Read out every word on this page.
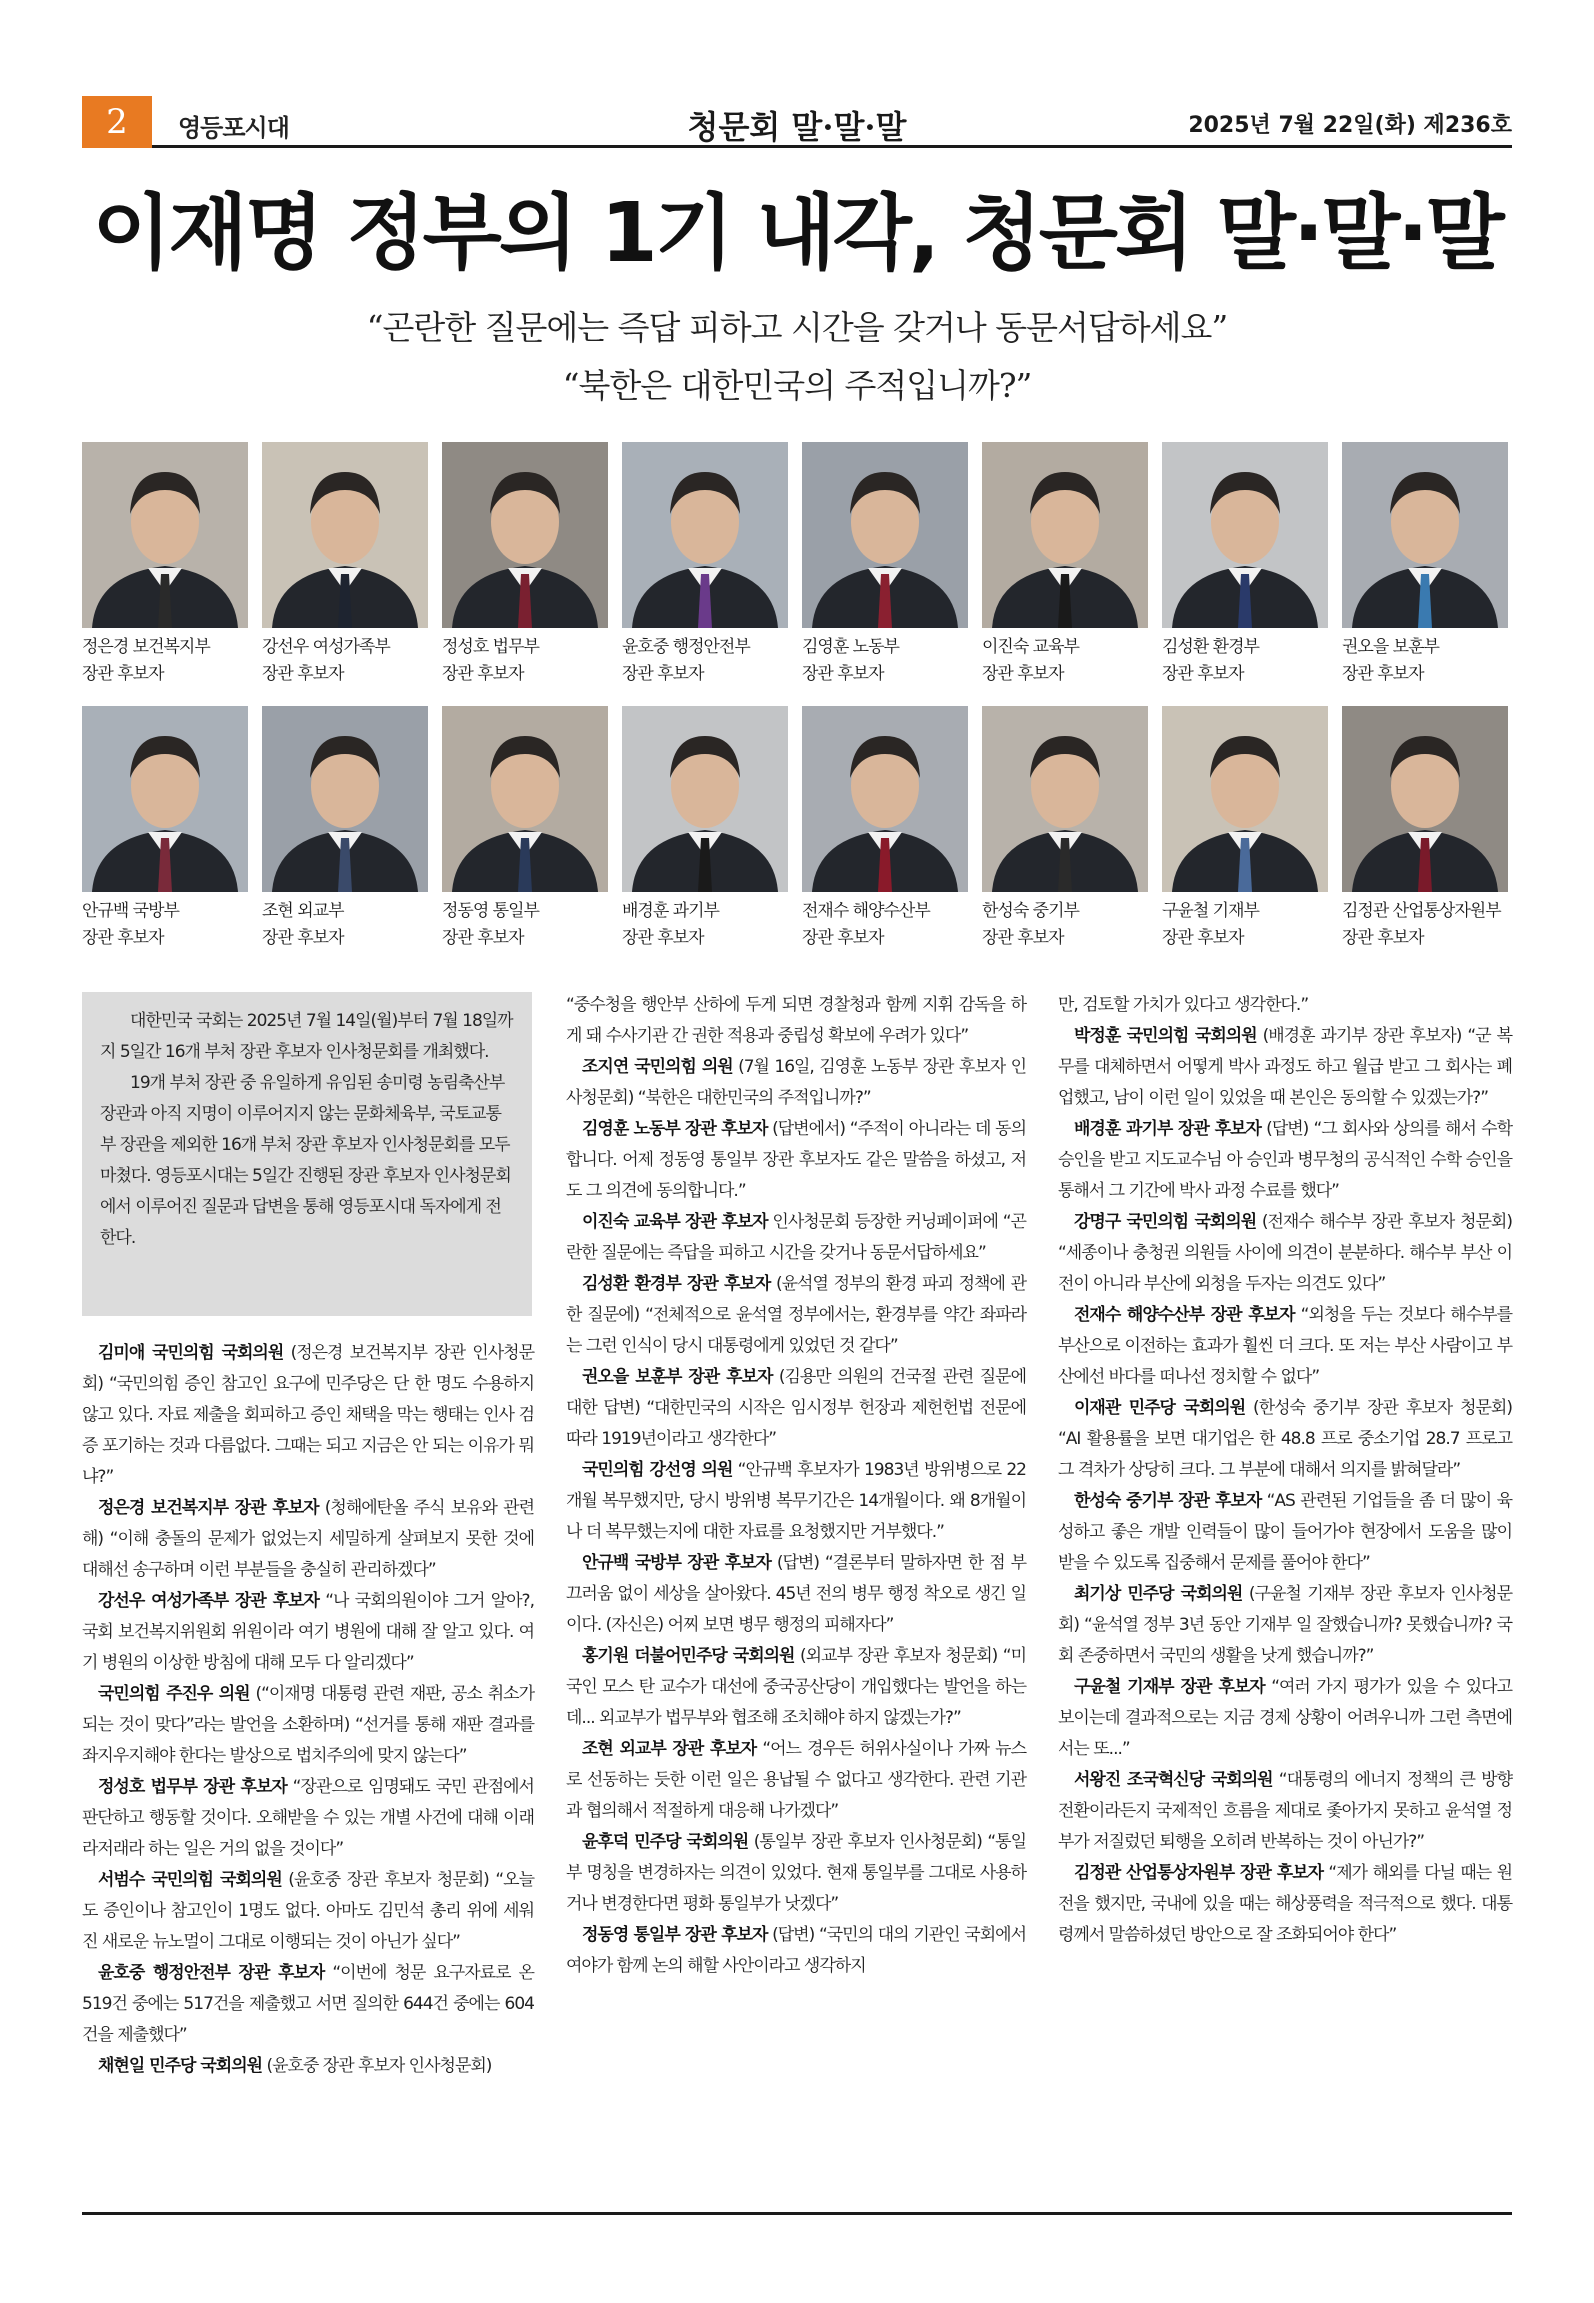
2	영등포시대	청문회 말·말·말	2025년 7월 22일(화) 제236호
이재명 정부의 1기 내각, 청문회 말·말·말
“곤란한 질문에는 즉답 피하고 시간을 갖거나 동문서답하세요”
“북한은 대한민국의 주적입니까?”
정은경 보건복지부
장관 후보자
강선우 여성가족부
장관 후보자
정성호 법무부
장관 후보자
윤호중 행정안전부
장관 후보자
김영훈 노동부
장관 후보자
이진숙 교육부
장관 후보자
김성환 환경부
장관 후보자
권오을 보훈부
장관 후보자
안규백 국방부
장관 후보자
조현 외교부
장관 후보자
정동영 통일부
장관 후보자
배경훈 과기부
장관 후보자
전재수 해양수산부
장관 후보자
한성숙 중기부
장관 후보자
구윤철 기재부
장관 후보자
김정관 산업통상자원부
장관 후보자

대한민국 국회는 2025년 7월 14일(월)부터 7월 18일까지 5일간 16개 부처 장관 후보자 인사청문회를 개최했다.

19개 부처 장관 중 유일하게 유임된 송미령 농림축산부 장관과 아직 지명이 이루어지지 않는 문화체육부, 국토교통부 장관을 제외한 16개 부처 장관 후보자 인사청문회를 모두 마쳤다. 영등포시대는 5일간 진행된 장관 후보자 인사청문회에서 이루어진 질문과 답변을 통해 영등포시대 독자에게 전한다.

김미애 국민의힘 국회의원 (정은경 보건복지부 장관 인사청문회) “국민의힘 증인 참고인 요구에 민주당은 단 한 명도 수용하지 않고 있다. 자료 제출을 회피하고 증인 채택을 막는 행태는 인사 검증 포기하는 것과 다름없다. 그때는 되고 지금은 안 되는 이유가 뭐냐?”

정은경 보건복지부 장관 후보자 (청해에탄올 주식 보유와 관련해) “이해 충돌의 문제가 없었는지 세밀하게 살펴보지 못한 것에 대해선 송구하며 이런 부분들을 충실히 관리하겠다”

강선우 여성가족부 장관 후보자 “나 국회의원이야 그거 알아?, 국회 보건복지위원회 위원이라 여기 병원에 대해 잘 알고 있다. 여기 병원의 이상한 방침에 대해 모두 다 알리겠다”

국민의힘 주진우 의원 (“이재명 대통령 관련 재판, 공소 취소가 되는 것이 맞다”라는 발언을 소환하며) “선거를 통해 재판 결과를 좌지우지해야 한다는 발상으로 법치주의에 맞지 않는다”

정성호 법무부 장관 후보자 “장관으로 임명돼도 국민 관점에서 판단하고 행동할 것이다. 오해받을 수 있는 개별 사건에 대해 이래라저래라 하는 일은 거의 없을 것이다”

서범수 국민의힘 국회의원 (윤호중 장관 후보자 청문회) “오늘도 증인이나 참고인이 1명도 없다. 아마도 김민석 총리 위에 세워진 새로운 뉴노멀이 그대로 이행되는 것이 아닌가 싶다”

윤호중 행정안전부 장관 후보자 “이번에 청문 요구자료로 온 519건 중에는 517건을 제출했고 서면 질의한 644건 중에는 604건을 제출했다”

채현일 민주당 국회의원 (윤호중 장관 후보자 인사청문회)

“중수청을 행안부 산하에 두게 되면 경찰청과 함께 지휘 감독을 하게 돼 수사기관 간 권한 적용과 중립성 확보에 우려가 있다”

조지연 국민의힘 의원 (7월 16일, 김영훈 노동부 장관 후보자 인사청문회) “북한은 대한민국의 주적입니까?”

김영훈 노동부 장관 후보자 (답변에서) “주적이 아니라는 데 동의합니다. 어제 정동영 통일부 장관 후보자도 같은 말씀을 하셨고, 저도 그 의견에 동의합니다.”

이진숙 교육부 장관 후보자 인사청문회 등장한 커닝페이퍼에 “곤란한 질문에는 즉답을 피하고 시간을 갖거나 동문서답하세요”

김성환 환경부 장관 후보자 (윤석열 정부의 환경 파괴 정책에 관한 질문에) “전체적으로 윤석열 정부에서는, 환경부를 약간 좌파라는 그런 인식이 당시 대통령에게 있었던 것 같다”

권오을 보훈부 장관 후보자 (김용만 의원의 건국절 관련 질문에 대한 답변) “대한민국의 시작은 임시정부 헌장과 제헌헌법 전문에 따라 1919년이라고 생각한다”

국민의힘 강선영 의원 “안규백 후보자가 1983년 방위병으로 22개월 복무했지만, 당시 방위병 복무기간은 14개월이다. 왜 8개월이나 더 복무했는지에 대한 자료를 요청했지만 거부했다.”

안규백 국방부 장관 후보자 (답변) “결론부터 말하자면 한 점 부끄러움 없이 세상을 살아왔다. 45년 전의 병무 행정 착오로 생긴 일이다. (자신은) 어찌 보면 병무 행정의 피해자다”

홍기원 더불어민주당 국회의원 (외교부 장관 후보자 청문회) “미국인 모스 탄 교수가 대선에 중국공산당이 개입했다는 발언을 하는데... 외교부가 법무부와 협조해 조치해야 하지 않겠는가?”

조현 외교부 장관 후보자 “어느 경우든 허위사실이나 가짜 뉴스로 선동하는 듯한 이런 일은 용납될 수 없다고 생각한다. 관련 기관과 협의해서 적절하게 대응해 나가겠다”

윤후덕 민주당 국회의원 (통일부 장관 후보자 인사청문회) “통일부 명칭을 변경하자는 의견이 있었다. 현재 통일부를 그대로 사용하거나 변경한다면 평화 통일부가 낫겠다”

정동영 통일부 장관 후보자 (답변) “국민의 대의 기관인 국회에서 여야가 함께 논의 해할 사안이라고 생각하지

만, 검토할 가치가 있다고 생각한다.”

박정훈 국민의힘 국회의원 (배경훈 과기부 장관 후보자) “군 복무를 대체하면서 어떻게 박사 과정도 하고 월급 받고 그 회사는 폐업했고, 남이 이런 일이 있었을 때 본인은 동의할 수 있겠는가?”

배경훈 과기부 장관 후보자 (답변) “그 회사와 상의를 해서 수학 승인을 받고 지도교수님 아 승인과 병무청의 공식적인 수학 승인을 통해서 그 기간에 박사 과정 수료를 했다”

강명구 국민의힘 국회의원 (전재수 해수부 장관 후보자 청문회) “세종이나 충청권 의원들 사이에 의견이 분분하다. 해수부 부산 이전이 아니라 부산에 외청을 두자는 의견도 있다”

전재수 해양수산부 장관 후보자 “외청을 두는 것보다 해수부를 부산으로 이전하는 효과가 훨씬 더 크다. 또 저는 부산 사람이고 부산에선 바다를 떠나선 정치할 수 없다”

이재관 민주당 국회의원 (한성숙 중기부 장관 후보자 청문회) “AI 활용률을 보면 대기업은 한 48.8 프로 중소기업 28.7 프로고 그 격차가 상당히 크다. 그 부분에 대해서 의지를 밝혀달라”

한성숙 중기부 장관 후보자 “AS 관련된 기업들을 좀 더 많이 육성하고 좋은 개발 인력들이 많이 들어가야 현장에서 도움을 많이 받을 수 있도록 집중해서 문제를 풀어야 한다”

최기상 민주당 국회의원 (구윤철 기재부 장관 후보자 인사청문회) “윤석열 정부 3년 동안 기재부 일 잘했습니까? 못했습니까? 국회 존중하면서 국민의 생활을 낫게 했습니까?”

구윤철 기재부 장관 후보자 “여러 가지 평가가 있을 수 있다고 보이는데 결과적으로는 지금 경제 상황이 어려우니까 그런 측면에서는 또...”

서왕진 조국혁신당 국회의원 “대통령의 에너지 정책의 큰 방향 전환이라든지 국제적인 흐름을 제대로 좇아가지 못하고 윤석열 정부가 저질렀던 퇴행을 오히려 반복하는 것이 아닌가?”

김정관 산업통상자원부 장관 후보자 “제가 해외를 다닐 때는 원전을 했지만, 국내에 있을 때는 해상풍력을 적극적으로 했다. 대통령께서 말씀하셨던 방안으로 잘 조화되어야 한다”
